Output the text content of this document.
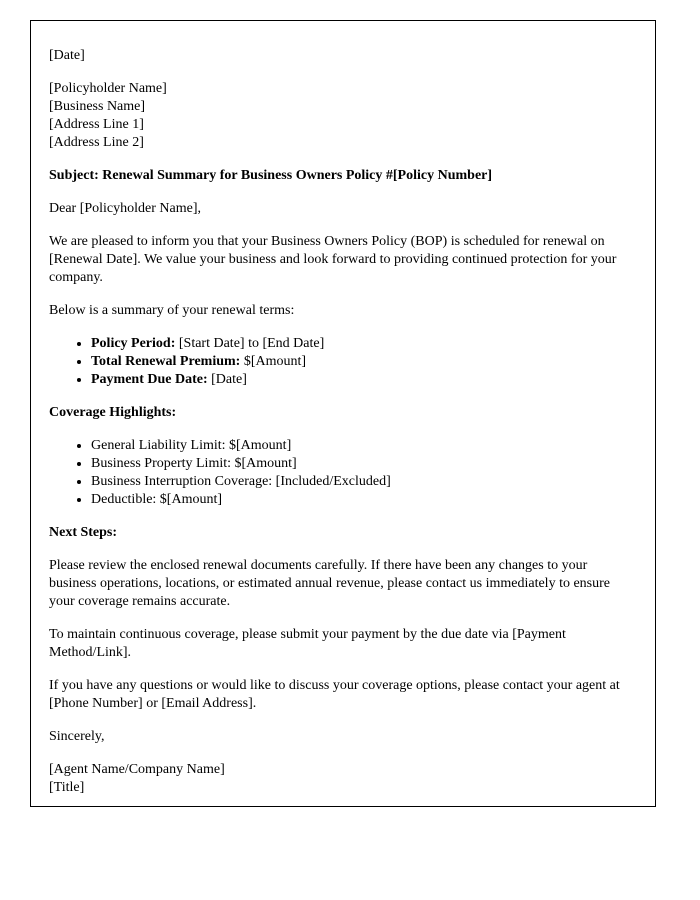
[Date]
[Policyholder Name]
[Business Name]
[Address Line 1]
[Address Line 2]
Subject: Renewal Summary for Business Owners Policy #[Policy Number]
Dear [Policyholder Name],
We are pleased to inform you that your Business Owners Policy (BOP) is scheduled for renewal on [Renewal Date]. We value your business and look forward to providing continued protection for your company.
Below is a summary of your renewal terms:
• Policy Period: [Start Date] to [End Date]
• Total Renewal Premium: $[Amount]
• Payment Due Date: [Date]
Coverage Highlights:
• General Liability Limit: $[Amount]
• Business Property Limit: $[Amount]
• Business Interruption Coverage: [Included/Excluded]
• Deductible: $[Amount]
Next Steps:
Please review the enclosed renewal documents carefully. If there have been any changes to your business operations, locations, or estimated annual revenue, please contact us immediately to ensure your coverage remains accurate.
To maintain continuous coverage, please submit your payment by the due date via [Payment Method/Link].
If you have any questions or would like to discuss your coverage options, please contact your agent at [Phone Number] or [Email Address].
Sincerely,
[Agent Name/Company Name]
[Title]
